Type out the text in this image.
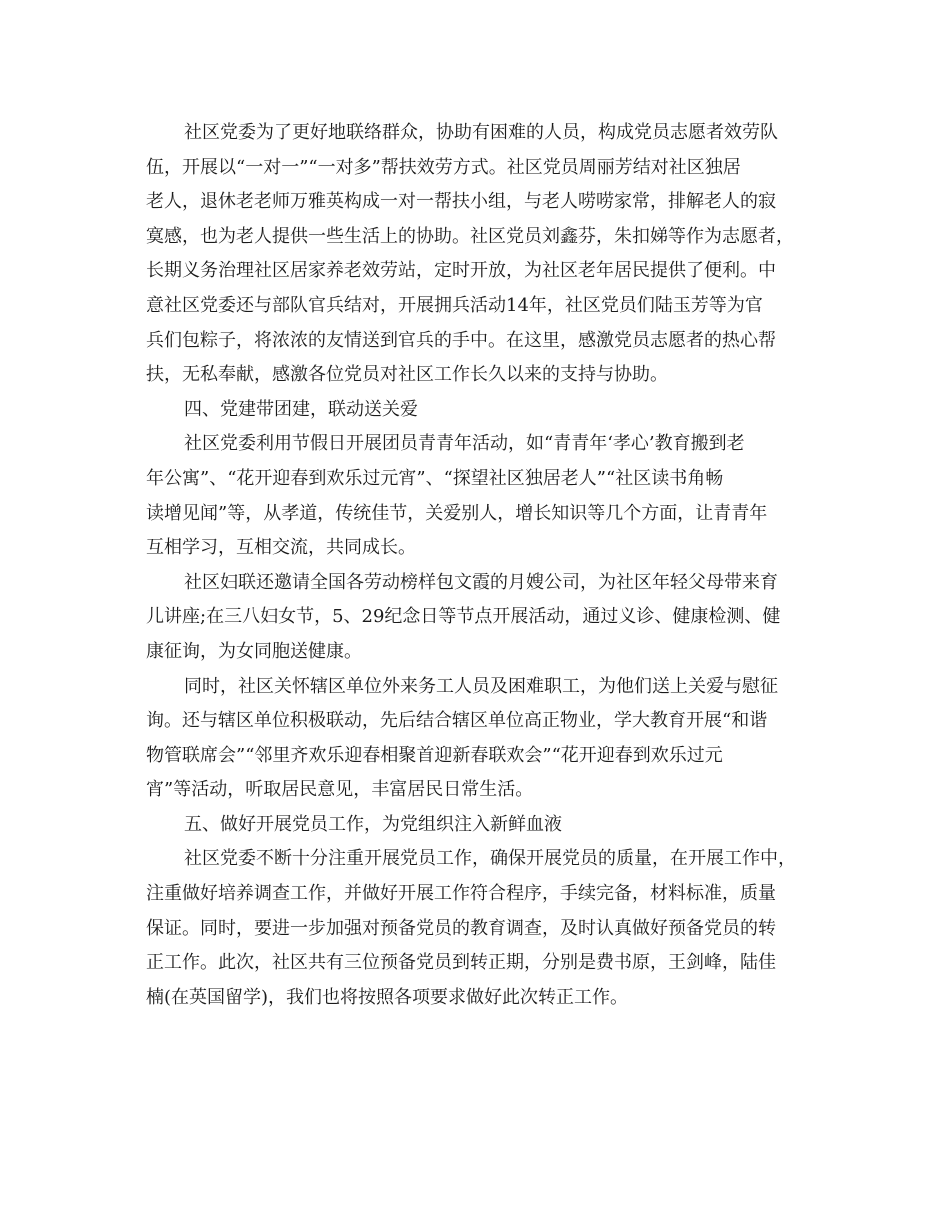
社区党委为了更好地联络群众，协助有困难的人员，构成党员志愿者效劳队
伍，开展以“一对一”“一对多”帮扶效劳方式。社区党员周丽芳结对社区独居
老人，退休老老师万雅英构成一对一帮扶小组，与老人唠唠家常，排解老人的寂
寞感，也为老人提供一些生活上的协助。社区党员刘鑫芬，朱扣娣等作为志愿者，
长期义务治理社区居家养老效劳站，定时开放，为社区老年居民提供了便利。中
意社区党委还与部队官兵结对，开展拥兵活动14年，社区党员们陆玉芳等为官
兵们包粽子，将浓浓的友情送到官兵的手中。在这里，感激党员志愿者的热心帮
扶，无私奉献，感激各位党员对社区工作长久以来的支持与协助。
四、党建带团建，联动送关爱
社区党委利用节假日开展团员青青年活动，如“青青年‘孝心’教育搬到老
年公寓”、“花开迎春到欢乐过元宵”、“探望社区独居老人”“社区读书角畅
读增见闻”等，从孝道，传统佳节，关爱别人，增长知识等几个方面，让青青年
互相学习，互相交流，共同成长。
社区妇联还邀请全国各劳动榜样包文霞的月嫂公司，为社区年轻父母带来育
儿讲座;在三八妇女节，5、29纪念日等节点开展活动，通过义诊、健康检测、健
康征询，为女同胞送健康。
同时，社区关怀辖区单位外来务工人员及困难职工，为他们送上关爱与慰征
询。还与辖区单位积极联动，先后结合辖区单位高正物业，学大教育开展“和谐
物管联席会”“邻里齐欢乐迎春相聚首迎新春联欢会”“花开迎春到欢乐过元
宵”等活动，听取居民意见，丰富居民日常生活。
五、做好开展党员工作，为党组织注入新鲜血液
社区党委不断十分注重开展党员工作，确保开展党员的质量，在开展工作中，
注重做好培养调查工作，并做好开展工作符合程序，手续完备，材料标准，质量
保证。同时，要进一步加强对预备党员的教育调查，及时认真做好预备党员的转
正工作。此次，社区共有三位预备党员到转正期，分别是费书原，王剑峰，陆佳
楠(在英国留学)，我们也将按照各项要求做好此次转正工作。
